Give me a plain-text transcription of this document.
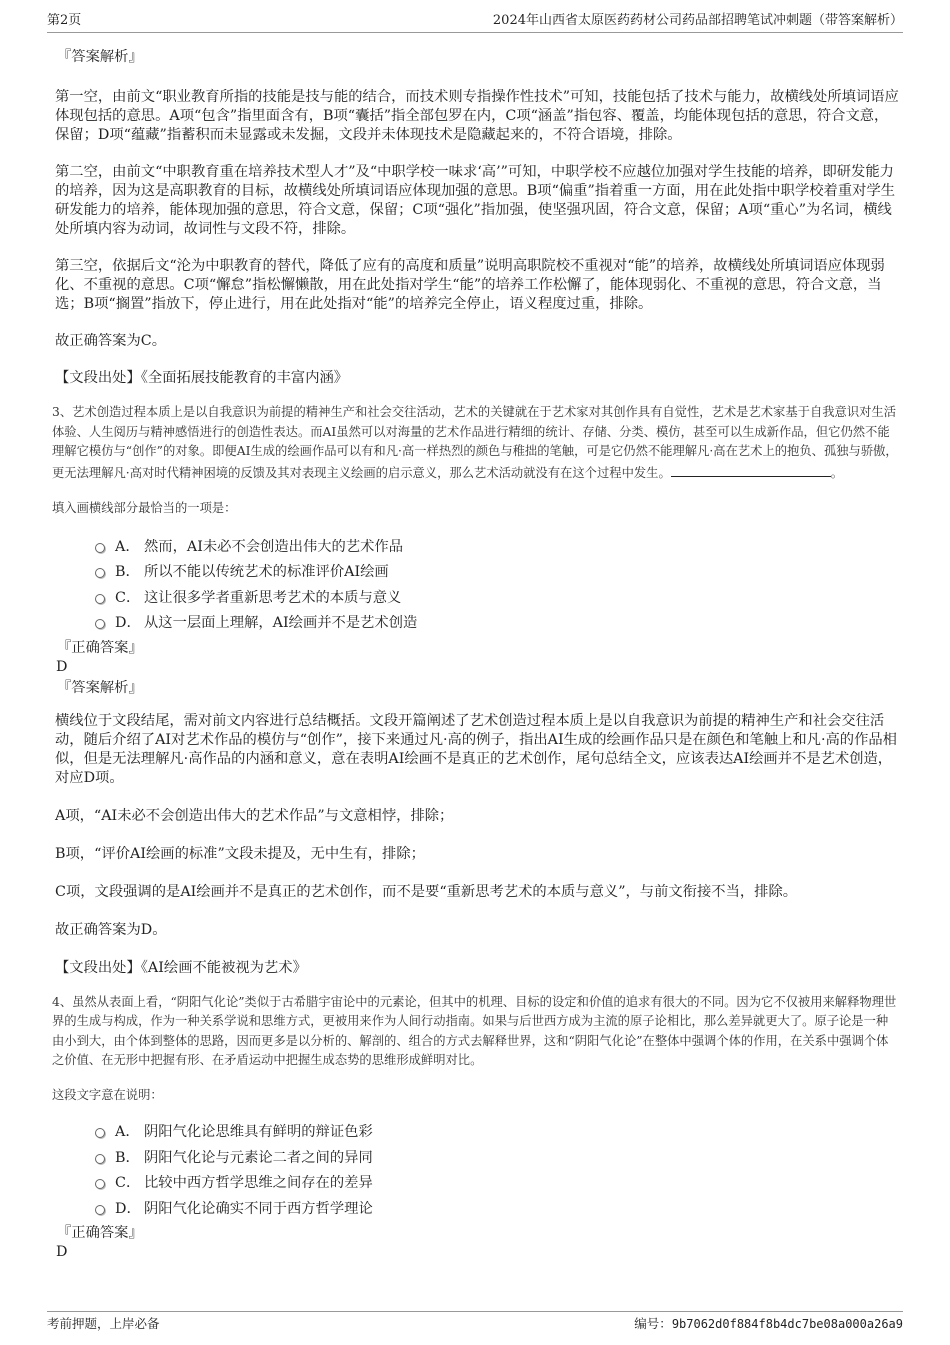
第2页	2024年山西省太原医药药材公司药品部招聘笔试冲刺题（带答案解析）

『答案解析』

第一空，由前文“职业教育所指的技能是技与能的结合，而技术则专指操作性技术”可知，技能包括了技术与能力，故横线处所填词语应体现包括的意思。A项“包含”指里面含有，B项“囊括”指全部包罗在内，C项“涵盖”指包容、覆盖，均能体现包括的意思，符合文意，保留；D项“蕴藏”指蓄积而未显露或未发掘，文段并未体现技术是隐藏起来的，不符合语境，排除。

第二空，由前文“中职教育重在培养技术型人才”及“中职学校一味求‘高’”可知，中职学校不应越位加强对学生技能的培养，即研发能力的培养，因为这是高职教育的目标，故横线处所填词语应体现加强的意思。B项“偏重”指着重一方面，用在此处指中职学校着重对学生研发能力的培养，能体现加强的意思，符合文意，保留；C项“强化”指加强，使坚强巩固，符合文意，保留；A项“重心”为名词，横线处所填内容为动词，故词性与文段不符，排除。

第三空，依据后文“沦为中职教育的替代，降低了应有的高度和质量”说明高职院校不重视对“能”的培养，故横线处所填词语应体现弱化、不重视的意思。C项“懈怠”指松懈懒散，用在此处指对学生“能”的培养工作松懈了，能体现弱化、不重视的意思，符合文意，当选；B项“搁置”指放下，停止进行，用在此处指对“能”的培养完全停止，语义程度过重，排除。

故正确答案为C。

【文段出处】《全面拓展技能教育的丰富内涵》

3、艺术创造过程本质上是以自我意识为前提的精神生产和社会交往活动，艺术的关键就在于艺术家对其创作具有自觉性，艺术是艺术家基于自我意识对生活体验、人生阅历与精神感悟进行的创造性表达。而AI虽然可以对海量的艺术作品进行精细的统计、存储、分类、模仿，甚至可以生成新作品，但它仍然不能理解它模仿与“创作”的对象。即便AI生成的绘画作品可以有和凡·高一样热烈的颜色与稚拙的笔触，可是它仍然不能理解凡·高在艺术上的抱负、孤独与骄傲，更无法理解凡·高对时代精神困境的反馈及其对表现主义绘画的启示意义，那么艺术活动就没有在这个过程中发生。	。

填入画横线部分最恰当的一项是：

A． 然而，AI未必不会创造出伟大的艺术作品
B． 所以不能以传统艺术的标准评价AI绘画
C． 这让很多学者重新思考艺术的本质与意义
D． 从这一层面上理解，AI绘画并不是艺术创造

『正确答案』

D

『答案解析』

横线位于文段结尾，需对前文内容进行总结概括。文段开篇阐述了艺术创造过程本质上是以自我意识为前提的精神生产和社会交往活动，随后介绍了AI对艺术作品的模仿与“创作”，接下来通过凡·高的例子，指出AI生成的绘画作品只是在颜色和笔触上和凡·高的作品相似，但是无法理解凡·高作品的内涵和意义，意在表明AI绘画不是真正的艺术创作，尾句总结全文，应该表达AI绘画并不是艺术创造，对应D项。

A项，“AI未必不会创造出伟大的艺术作品”与文意相悖，排除；

B项，“评价AI绘画的标准”文段未提及，无中生有，排除；

C项，文段强调的是AI绘画并不是真正的艺术创作，而不是要“重新思考艺术的本质与意义”，与前文衔接不当，排除。

故正确答案为D。

【文段出处】《AI绘画不能被视为艺术》

4、虽然从表面上看，“阴阳气化论”类似于古希腊宇宙论中的元素论，但其中的机理、目标的设定和价值的追求有很大的不同。因为它不仅被用来解释物理世界的生成与构成，作为一种关系学说和思维方式，更被用来作为人间行动指南。如果与后世西方成为主流的原子论相比，那么差异就更大了。原子论是一种由小到大，由个体到整体的思路，因而更多是以分析的、解剖的、组合的方式去解释世界，这和“阴阳气化论”在整体中强调个体的作用，在关系中强调个体之价值、在无形中把握有形、在矛盾运动中把握生成态势的思维形成鲜明对比。

这段文字意在说明：

A． 阴阳气化论思维具有鲜明的辩证色彩
B． 阴阳气化论与元素论二者之间的异同
C． 比较中西方哲学思维之间存在的差异
D． 阴阳气化论确实不同于西方哲学理论

『正确答案』

D

考前押题，上岸必备	编号：9b7062d0f884f8b4dc7be08a000a26a9
